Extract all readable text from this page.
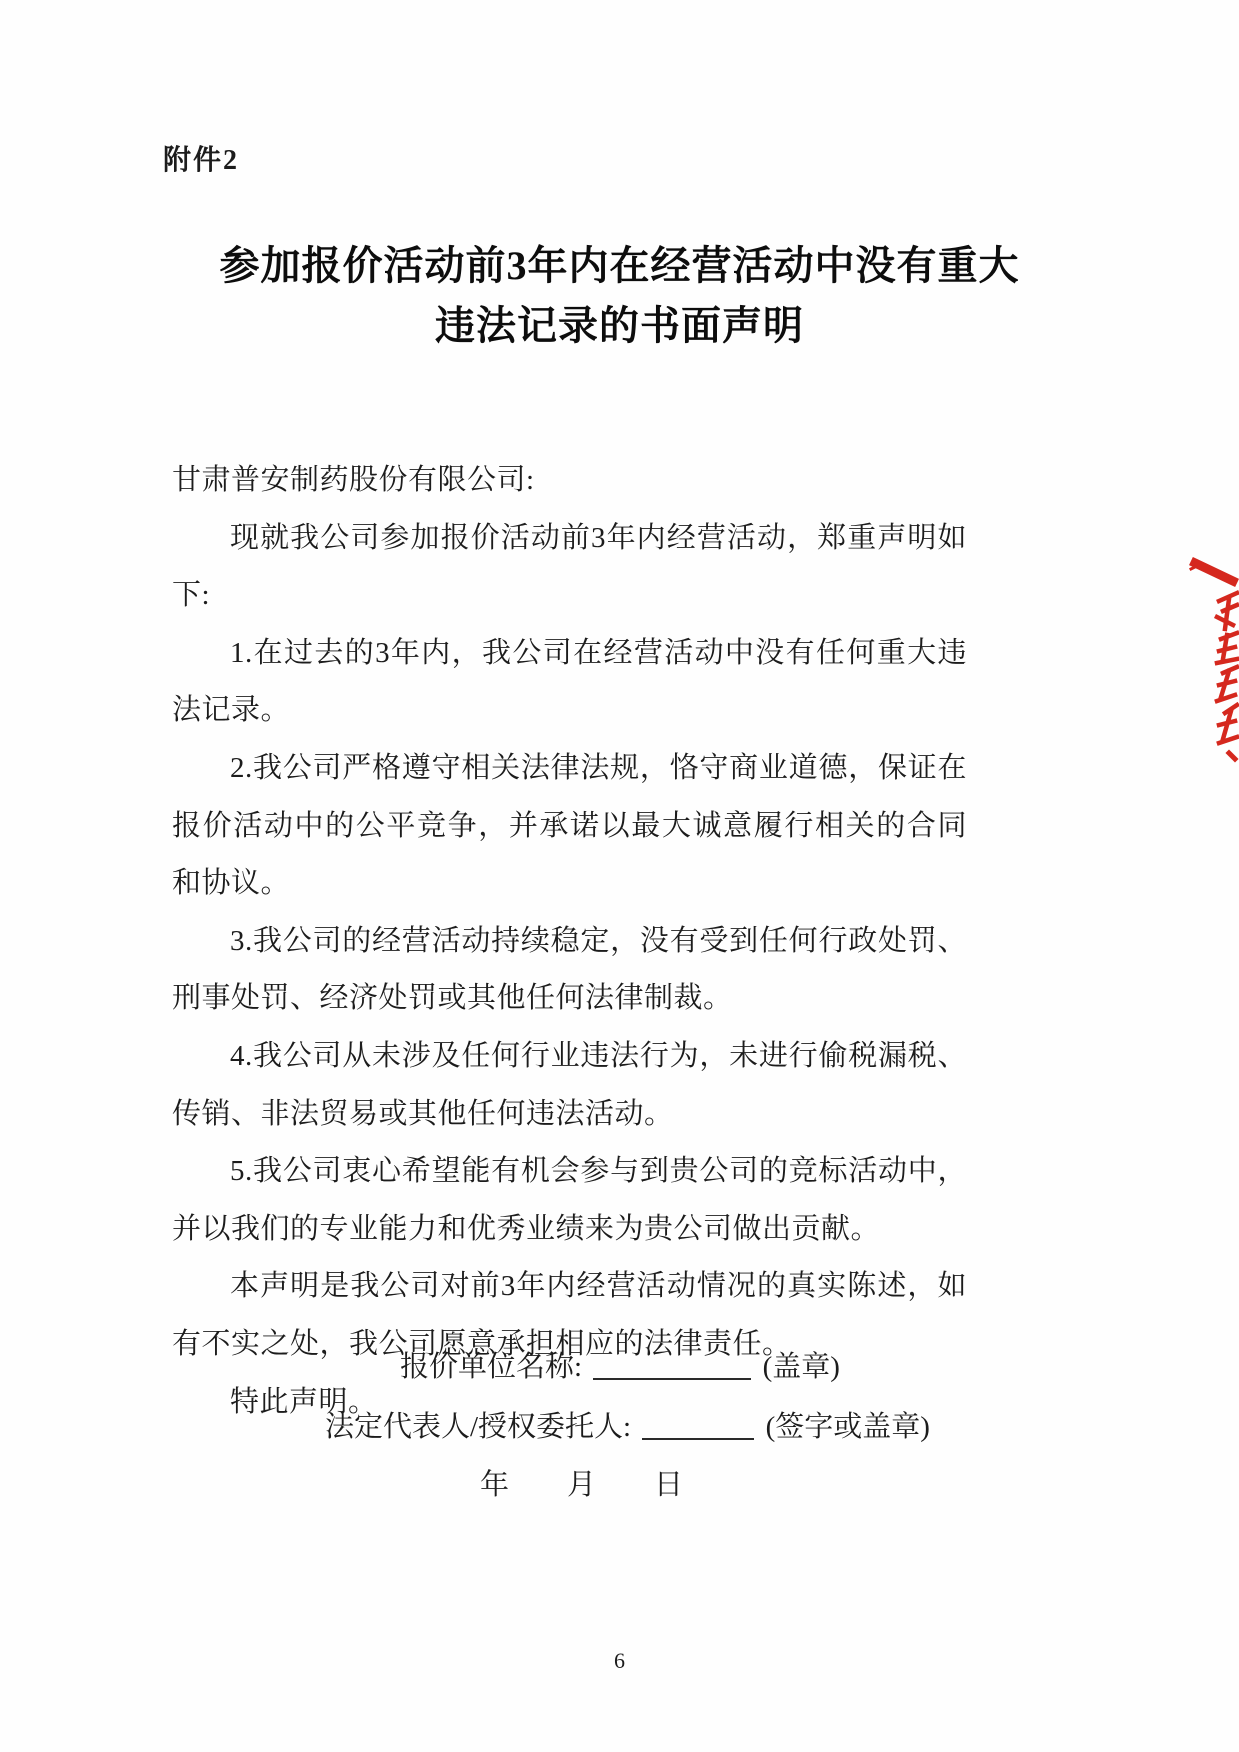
附件2
参加报价活动前3年内在经营活动中没有重大
违法记录的书面声明

甘肃普安制药股份有限公司:

现就我公司参加报价活动前3年内经营活动，郑重声明如下:

1.在过去的3年内，我公司在经营活动中没有任何重大违法记录。

2.我公司严格遵守相关法律法规，恪守商业道德，保证在报价活动中的公平竞争，并承诺以最大诚意履行相关的合同和协议。

3.我公司的经营活动持续稳定，没有受到任何行政处罚、刑事处罚、经济处罚或其他任何法律制裁。

4.我公司从未涉及任何行业违法行为，未进行偷税漏税、传销、非法贸易或其他任何违法活动。

5.我公司衷心希望能有机会参与到贵公司的竞标活动中，并以我们的专业能力和优秀业绩来为贵公司做出贡献。

本声明是我公司对前3年内经营活动情况的真实陈述，如有不实之处，我公司愿意承担相应的法律责任。

特此声明。

报价单位名称:	(盖章)
法定代表人/授权委托人:	(签字或盖章)
年　　月　　日
6
